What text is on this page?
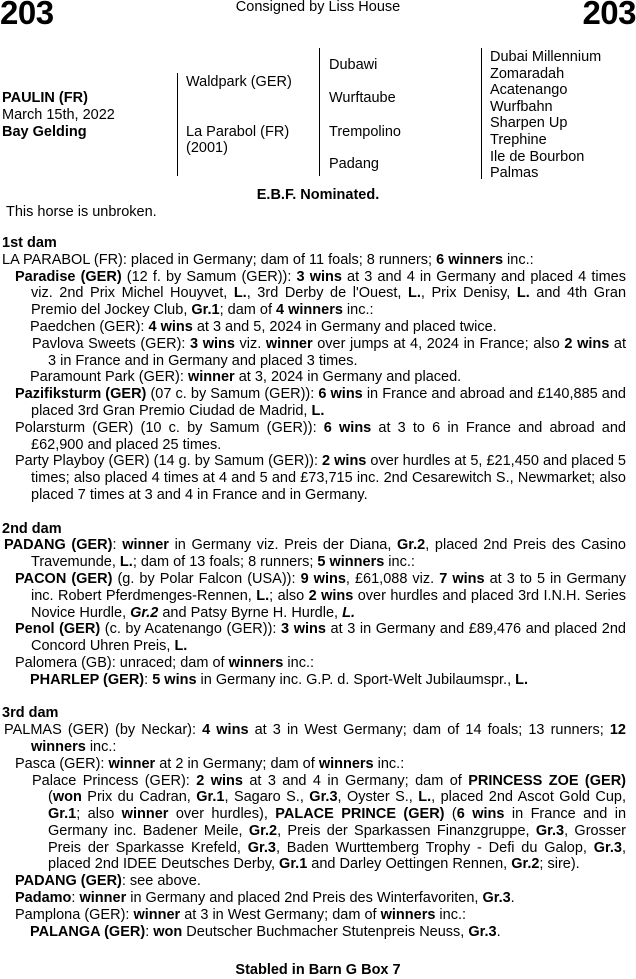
203	Consigned by Liss House	203
PAULIN (FR)
March 15th, 2022
Bay Gelding
Waldpark (GER)
La Parabol (FR)
(2001)
Dubawi
Wurftaube
Trempolino
Padang
Dubai Millennium
Zomaradah
Acatenango
Wurfbahn
Sharpen Up
Trephine
Ile de Bourbon
Palmas
E.B.F. Nominated.
This horse is unbroken.
1st dam
LA PARABOL (FR): placed in Germany; dam of 11 foals; 8 runners; 6 winners inc.:
Paradise (GER) (12 f. by Samum (GER)): 3 wins at 3 and 4 in Germany and placed 4 times viz. 2nd Prix Michel Houyvet, L., 3rd Derby de l'Ouest, L., Prix Denisy, L. and 4th Gran Premio del Jockey Club, Gr.1; dam of 4 winners inc.:
Paedchen (GER): 4 wins at 3 and 5, 2024 in Germany and placed twice.
Pavlova Sweets (GER): 3 wins viz. winner over jumps at 4, 2024 in France; also 2 wins at 3 in France and in Germany and placed 3 times.
Paramount Park (GER): winner at 3, 2024 in Germany and placed.
Pazifiksturm (GER) (07 c. by Samum (GER)): 6 wins in France and abroad and £140,885 and placed 3rd Gran Premio Ciudad de Madrid, L.
Polarsturm (GER) (10 c. by Samum (GER)): 6 wins at 3 to 6 in France and abroad and £62,900 and placed 25 times.
Party Playboy (GER) (14 g. by Samum (GER)): 2 wins over hurdles at 5, £21,450 and placed 5 times; also placed 4 times at 4 and 5 and £73,715 inc. 2nd Cesarewitch S., Newmarket; also placed 7 times at 3 and 4 in France and in Germany.
2nd dam
PADANG (GER): winner in Germany viz. Preis der Diana, Gr.2, placed 2nd Preis des Casino Travemunde, L.; dam of 13 foals; 8 runners; 5 winners inc.:
PACON (GER) (g. by Polar Falcon (USA)): 9 wins, £61,088 viz. 7 wins at 3 to 5 in Germany inc. Robert Pferdmenges-Rennen, L.; also 2 wins over hurdles and placed 3rd I.N.H. Series Novice Hurdle, Gr.2 and Patsy Byrne H. Hurdle, L.
Penol (GER) (c. by Acatenango (GER)): 3 wins at 3 in Germany and £89,476 and placed 2nd Concord Uhren Preis, L.
Palomera (GB): unraced; dam of winners inc.:
PHARLEP (GER): 5 wins in Germany inc. G.P. d. Sport-Welt Jubilaumspr., L.
3rd dam
PALMAS (GER) (by Neckar): 4 wins at 3 in West Germany; dam of 14 foals; 13 runners; 12 winners inc.:
Pasca (GER): winner at 2 in Germany; dam of winners inc.:
Palace Princess (GER): 2 wins at 3 and 4 in Germany; dam of PRINCESS ZOE (GER) (won Prix du Cadran, Gr.1, Sagaro S., Gr.3, Oyster S., L., placed 2nd Ascot Gold Cup, Gr.1; also winner over hurdles), PALACE PRINCE (GER) (6 wins in France and in Germany inc. Badener Meile, Gr.2, Preis der Sparkassen Finanzgruppe, Gr.3, Grosser Preis der Sparkasse Krefeld, Gr.3, Baden Wurttemberg Trophy - Defi du Galop, Gr.3, placed 2nd IDEE Deutsches Derby, Gr.1 and Darley Oettingen Rennen, Gr.2; sire).
PADANG (GER): see above.
Padamo: winner in Germany and placed 2nd Preis des Winterfavoriten, Gr.3.
Pamplona (GER): winner at 3 in West Germany; dam of winners inc.:
PALANGA (GER): won Deutscher Buchmacher Stutenpreis Neuss, Gr.3.
Stabled in Barn G Box 7
